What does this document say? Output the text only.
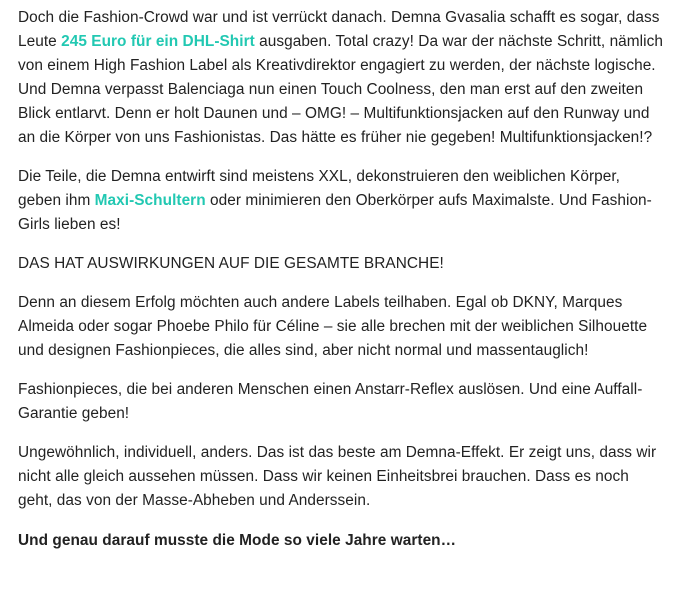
Doch die Fashion-Crowd war und ist verrückt danach. Demna Gvasalia schafft es sogar, dass Leute 245 Euro für ein DHL-Shirt ausgaben. Total crazy! Da war der nächste Schritt, nämlich von einem High Fashion Label als Kreativdirektor engagiert zu werden, der nächste logische. Und Demna verpasst Balenciaga nun einen Touch Coolness, den man erst auf den zweiten Blick entlarvt. Denn er holt Daunen und – OMG! – Multifunktionsjacken auf den Runway und an die Körper von uns Fashionistas. Das hätte es früher nie gegeben! Multifunktionsjacken!?

Die Teile, die Demna entwirft sind meistens XXL, dekonstruieren den weiblichen Körper, geben ihm Maxi-Schultern oder minimieren den Oberkörper aufs Maximalste. Und Fashion-Girls lieben es!

DAS HAT AUSWIRKUNGEN AUF DIE GESAMTE BRANCHE!

Denn an diesem Erfolg möchten auch andere Labels teilhaben. Egal ob DKNY, Marques Almeida oder sogar Phoebe Philo für Céline – sie alle brechen mit der weiblichen Silhouette und designen Fashionpieces, die alles sind, aber nicht normal und massentauglich!

Fashionpieces, die bei anderen Menschen einen Anstarr-Reflex auslösen. Und eine Auffall-Garantie geben!

Ungewöhnlich, individuell, anders. Das ist das beste am Demna-Effekt. Er zeigt uns, dass wir nicht alle gleich aussehen müssen. Dass wir keinen Einheitsbrei brauchen. Dass es noch geht, das von der Masse-Abheben und Anderssein.

Und genau darauf musste die Mode so viele Jahre warten…
